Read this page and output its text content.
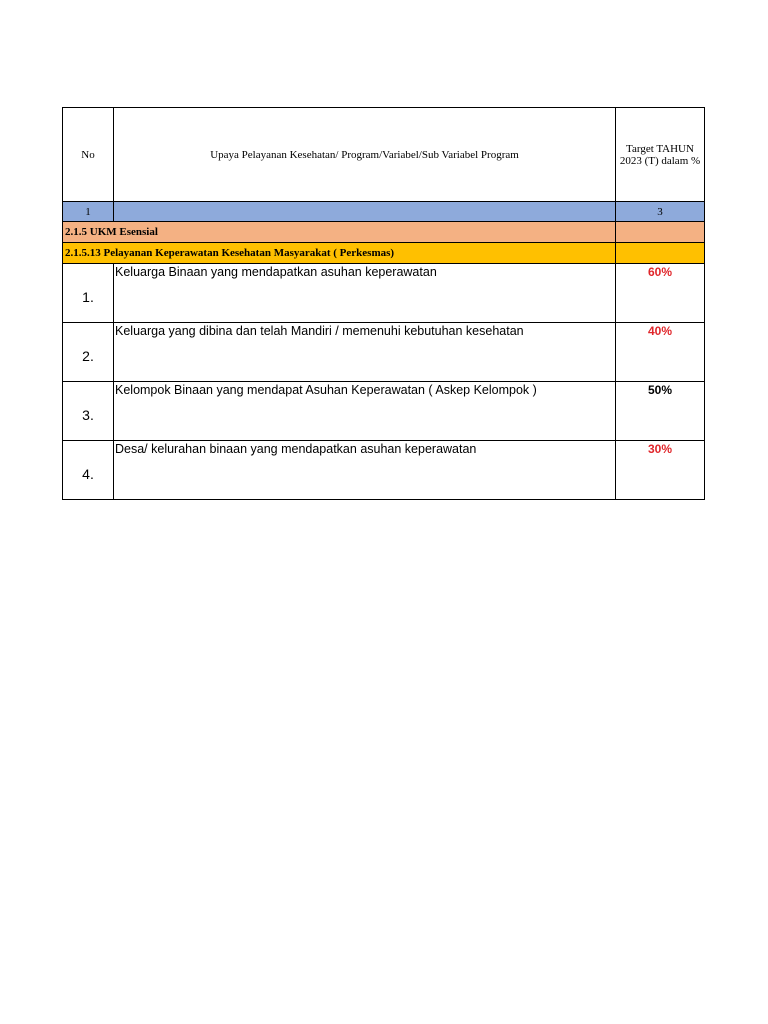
No	Upaya Pelayanan Kesehatan/ Program/Variabel/Sub Variabel Program	Target TAHUN 2023 (T) dalam %
1		3
2.1.5 UKM Esensial		
2.1.5.13 Pelayanan Keperawatan Kesehatan Masyarakat ( Perkesmas)		
1.	Keluarga Binaan yang mendapatkan asuhan keperawatan	60%
2.	Keluarga yang dibina dan telah Mandiri / memenuhi kebutuhan kesehatan	40%
3.	Kelompok Binaan yang mendapat Asuhan Keperawatan ( Askep Kelompok )	50%
4.	Desa/ kelurahan binaan yang mendapatkan asuhan keperawatan	30%
